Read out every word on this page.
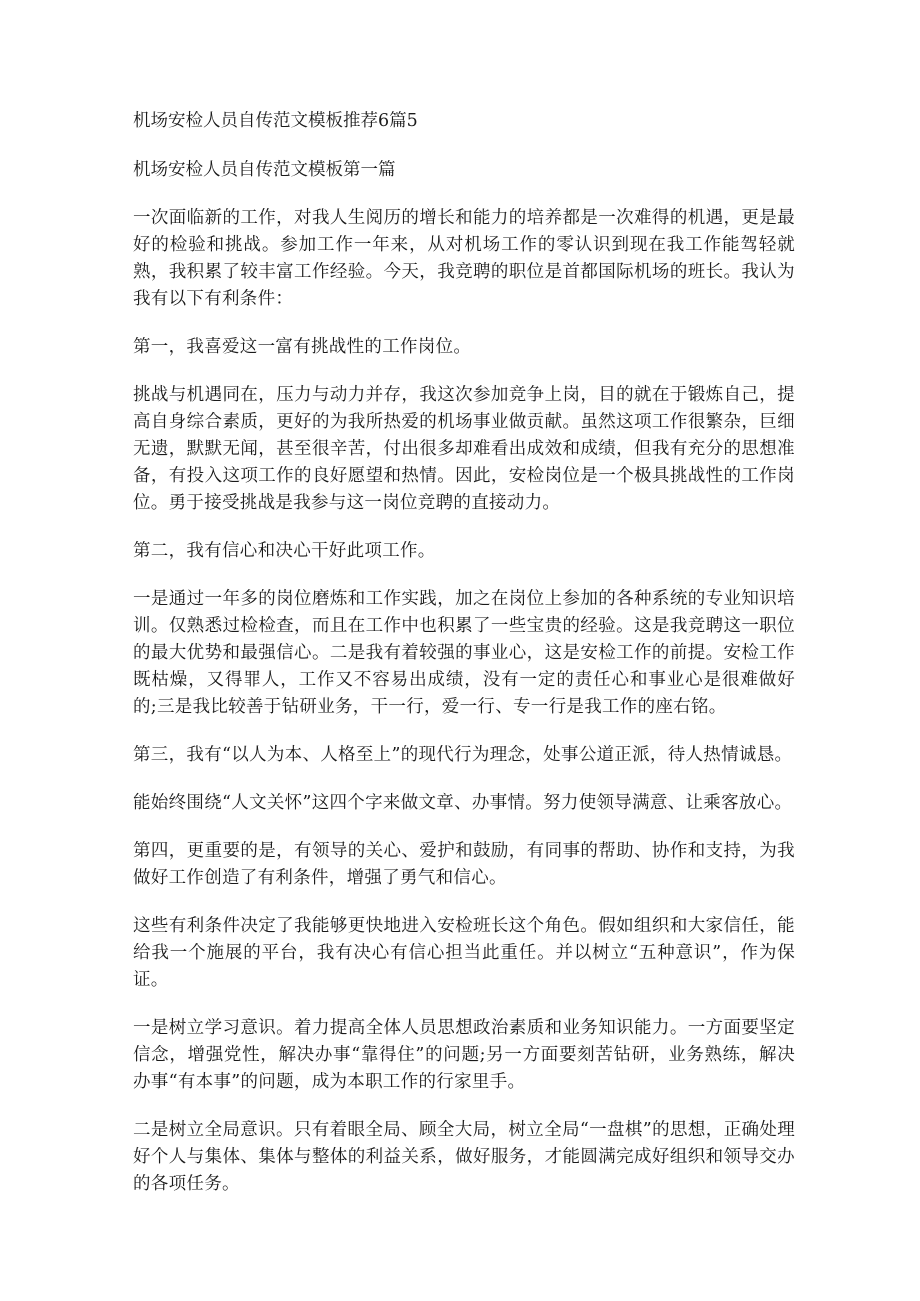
机场安检人员自传范文模板推荐6篇5
机场安检人员自传范文模板第一篇

一次面临新的工作，对我人生阅历的增长和能力的培养都是一次难得的机遇，更是最好的检验和挑战。参加工作一年来，从对机场工作的零认识到现在我工作能驾轻就熟，我积累了较丰富工作经验。今天，我竞聘的职位是首都国际机场的班长。我认为我有以下有利条件：

第一，我喜爱这一富有挑战性的工作岗位。

挑战与机遇同在，压力与动力并存，我这次参加竞争上岗，目的就在于锻炼自己，提高自身综合素质，更好的为我所热爱的机场事业做贡献。虽然这项工作很繁杂，巨细无遗，默默无闻，甚至很辛苦，付出很多却难看出成效和成绩，但我有充分的思想准备，有投入这项工作的良好愿望和热情。因此，安检岗位是一个极具挑战性的工作岗位。勇于接受挑战是我参与这一岗位竞聘的直接动力。

第二，我有信心和决心干好此项工作。

一是通过一年多的岗位磨炼和工作实践，加之在岗位上参加的各种系统的专业知识培训。仅熟悉过检检查，而且在工作中也积累了一些宝贵的经验。这是我竞聘这一职位的最大优势和最强信心。二是我有着较强的事业心，这是安检工作的前提。安检工作既枯燥，又得罪人，工作又不容易出成绩，没有一定的责任心和事业心是很难做好的;三是我比较善于钻研业务，干一行，爱一行、专一行是我工作的座右铭。

第三，我有“以人为本、人格至上”的现代行为理念，处事公道正派，待人热情诚恳。

能始终围绕“人文关怀”这四个字来做文章、办事情。努力使领导满意、让乘客放心。

第四，更重要的是，有领导的关心、爱护和鼓励，有同事的帮助、协作和支持，为我做好工作创造了有利条件，增强了勇气和信心。

这些有利条件决定了我能够更快地进入安检班长这个角色。假如组织和大家信任，能给我一个施展的平台，我有决心有信心担当此重任。并以树立“五种意识”，作为保证。

一是树立学习意识。着力提高全体人员思想政治素质和业务知识能力。一方面要坚定信念，增强党性，解决办事“靠得住”的问题;另一方面要刻苦钻研，业务熟练，解决办事“有本事”的问题，成为本职工作的行家里手。

二是树立全局意识。只有着眼全局、顾全大局，树立全局“一盘棋”的思想，正确处理好个人与集体、集体与整体的利益关系，做好服务，才能圆满完成好组织和领导交办的各项任务。
